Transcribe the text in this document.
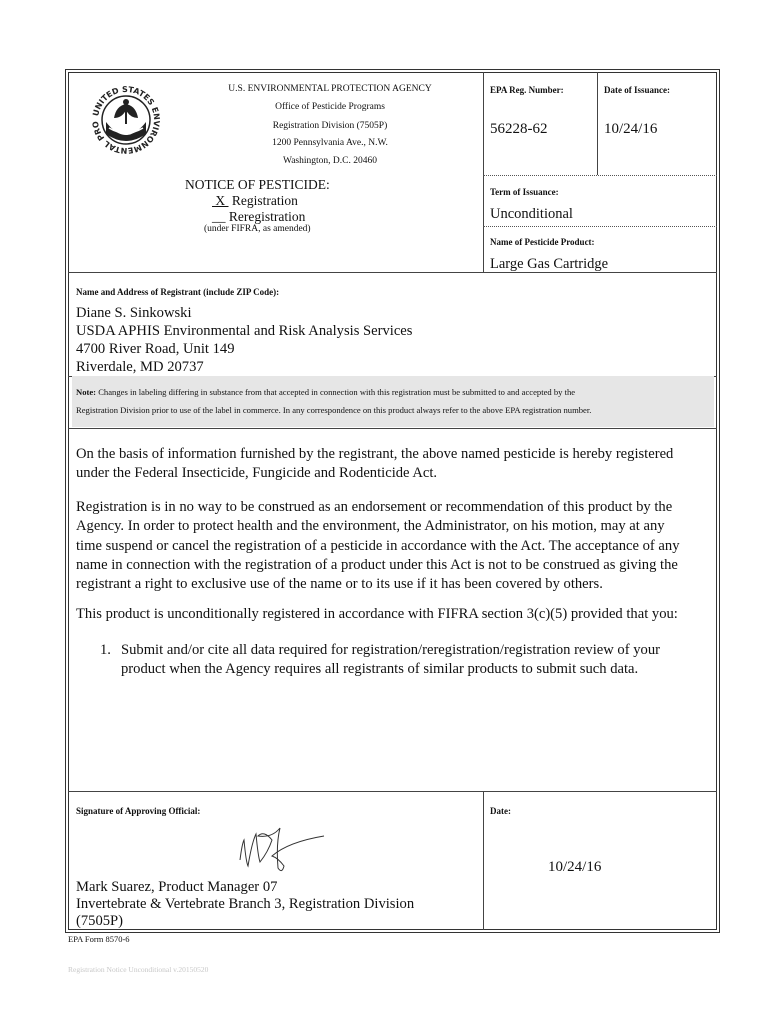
UNITED STATES ENVIRONMENTAL PRO
U.S. ENVIRONMENTAL PROTECTION AGENCY
Office of Pesticide Programs
Registration Division (7505P)
1200 Pennsylvania Ave., N.W.
Washington, D.C. 20460
NOTICE OF PESTICIDE:
X  Registration
__ Reregistration
(under FIFRA, as amended)
EPA Reg. Number:	Date of Issuance:
56228-62	10/24/16
Term of Issuance:
Unconditional
Name of Pesticide Product:
Large Gas Cartridge
Name and Address of Registrant (include ZIP Code):
Diane S. Sinkowski
USDA APHIS Environmental and Risk Analysis Services
4700 River Road, Unit 149
Riverdale, MD 20737
Note: Changes in labeling differing in substance from that accepted in connection with this registration must be submitted to and accepted by the
Registration Division prior to use of the label in commerce. In any correspondence on this product always refer to the above EPA registration number.
On the basis of information furnished by the registrant, the above named pesticide is hereby registered
under the Federal Insecticide, Fungicide and Rodenticide Act.
Registration is in no way to be construed as an endorsement or recommendation of this product by the
Agency. In order to protect health and the environment, the Administrator, on his motion, may at any
time suspend or cancel the registration of a pesticide in accordance with the Act. The acceptance of any
name in connection with the registration of a product under this Act is not to be construed as giving the
registrant a right to exclusive use of the name or to its use if it has been covered by others.
This product is unconditionally registered in accordance with FIFRA section 3(c)(5) provided that you:
1. Submit and/or cite all data required for registration/reregistration/registration review of your
product when the Agency requires all registrants of similar products to submit such data.
Signature of Approving Official:	Date:
10/24/16
Mark Suarez, Product Manager 07
Invertebrate & Vertebrate Branch 3, Registration Division
(7505P)
EPA Form 8570-6
Registration Notice Unconditional v.20150520
